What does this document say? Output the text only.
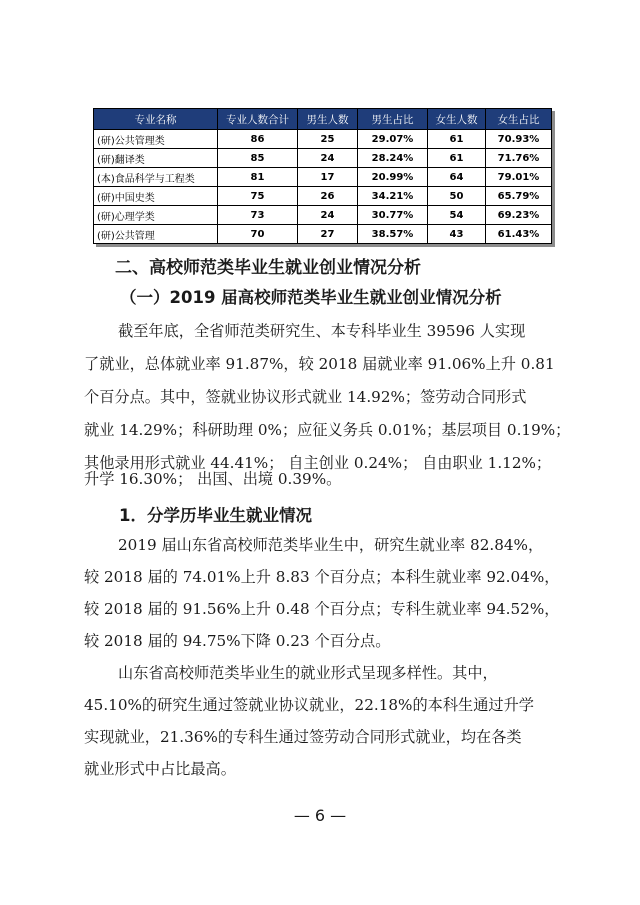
专业名称	专业人数合计	男生人数	男生占比	女生人数	女生占比
(研)公共管理类	86	25	29.07%	61	70.93%
(研)翻译类	85	24	28.24%	61	71.76%
(本)食品科学与工程类	81	17	20.99%	64	79.01%
(研)中国史类	75	26	34.21%	50	65.79%
(研)心理学类	73	24	30.77%	54	69.23%
(研)公共管理	70	27	38.57%	43	61.43%
二、高校师范类毕业生就业创业情况分析
（一）2019 届高校师范类毕业生就业创业情况分析
截至年底，全省师范类研究生、本专科毕业生 39596 人实现
了就业，总体就业率 91.87%，较 2018 届就业率 91.06%上升 0.81
个百分点。其中，签就业协议形式就业 14.92%；签劳动合同形式
就业 14.29%；科研助理 0%；应征义务兵 0.01%；基层项目 0.19%；
其他录用形式就业 44.41%； 自主创业 0.24%； 自由职业 1.12%；
升学 16.30%； 出国、出境 0.39%。
1．分学历毕业生就业情况
2019 届山东省高校师范类毕业生中，研究生就业率 82.84%，
较 2018 届的 74.01%上升 8.83 个百分点；本科生就业率 92.04%，
较 2018 届的 91.56%上升 0.48 个百分点；专科生就业率 94.52%，
较 2018 届的 94.75%下降 0.23 个百分点。
山东省高校师范类毕业生的就业形式呈现多样性。其中，
45.10%的研究生通过签就业协议就业，22.18%的本科生通过升学
实现就业，21.36%的专科生通过签劳动合同形式就业，均在各类
就业形式中占比最高。
— 6 —
